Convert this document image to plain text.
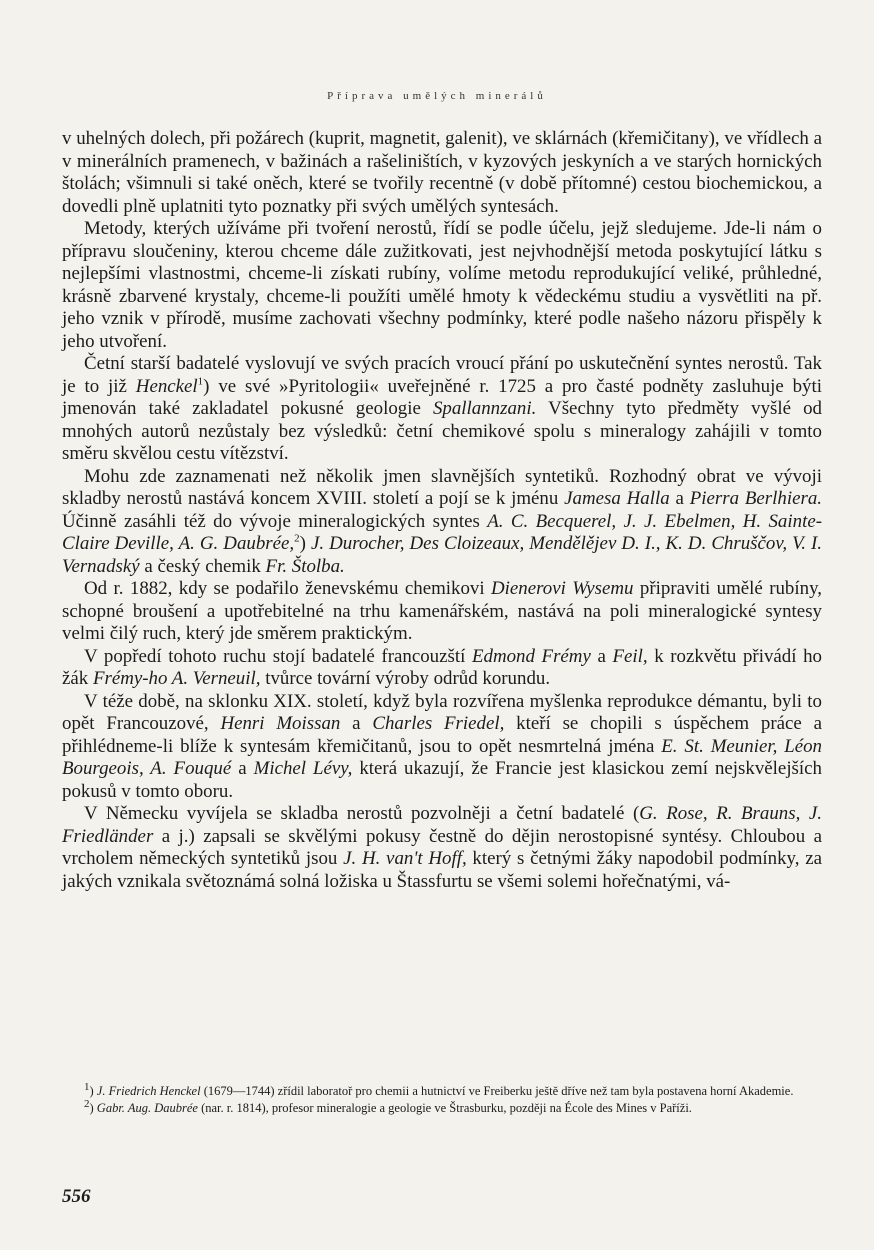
Příprava umělých minerálů

v uhelných dolech, při požárech (kuprit, magnetit, galenit), ve sklárnách (křemičitany), ve vřídlech a v minerálních pramenech, v bažinách a rašeliništích, v kyzových jeskyních a ve starých hornických štolách; všimnuli si také oněch, které se tvořily recentně (v době přítomné) cestou biochemickou, a dovedli plně uplatniti tyto poznatky při svých umělých syntesách.

Metody, kterých užíváme při tvoření nerostů, řídí se podle účelu, jejž sledujeme. Jde-li nám o přípravu sloučeniny, kterou chceme dále zužitkovati, jest nejvhodnější metoda poskytující látku s nejlepšími vlastnostmi, chceme-li získati rubíny, volíme metodu reprodukující veliké, průhledné, krásně zbarvené krystaly, chceme-li použíti umělé hmoty k vědeckému studiu a vysvětliti na př. jeho vznik v přírodě, musíme zachovati všechny podmínky, které podle našeho názoru přispěly k jeho utvoření.

Četní starší badatelé vyslovují ve svých pracích vroucí přání po uskutečnění syntes nerostů. Tak je to již Henckel$^1$) ve své »Pyritologii« uveřejněné r. 1725 a pro časté podněty zasluhuje býti jmenován také zakladatel pokusné geologie Spallannzani. Všechny tyto předměty vyšlé od mnohých autorů nezůstaly bez výsledků: četní chemikové spolu s mineralogy zahájili v tomto směru skvělou cestu vítězství.

Mohu zde zaznamenati než několik jmen slavnějších syntetiků. Rozhodný obrat ve vývoji skladby nerostů nastává koncem XVIII. století a pojí se k jménu Jamesa Halla a Pierra Berlhiera. Účinně zasáhli též do vývoje mineralogických syntes A. C. Becquerel, J. J. Ebelmen, H. Sainte-Claire Deville, A. G. Daubrée,$^2$) J. Durocher, Des Cloizeaux, Mendělějev D. I., K. D. Chruščov, V. I. Vernadský a český chemik Fr. Štolba.

Od r. 1882, kdy se podařilo ženevskému chemikovi Dienerovi Wysemu připraviti umělé rubíny, schopné broušení a upotřebitelné na trhu kamenářském, nastává na poli mineralogické syntesy velmi čilý ruch, který jde směrem praktickým.

V popředí tohoto ruchu stojí badatelé francouzští Edmond Frémy a Feil, k rozkvětu přivádí ho žák Frémy-ho A. Verneuil, tvůrce tovární výroby odrůd korundu.

V téže době, na sklonku XIX. století, když byla rozvířena myšlenka reprodukce démantu, byli to opět Francouzové, Henri Moissan a Charles Friedel, kteří se chopili s úspěchem práce a přihlédneme-li blíže k syntesám křemičitanů, jsou to opět nesmrtelná jména E. St. Meunier, Léon Bourgeois, A. Fouqué a Michel Lévy, která ukazují, že Francie jest klasickou zemí nejskvělejších pokusů v tomto oboru.

V Německu vyvíjela se skladba nerostů pozvolněji a četní badatelé (G. Rose, R. Brauns, J. Friedländer a j.) zapsali se skvělými pokusy čestně do dějin nerostopisné syntésy. Chloubou a vrcholem německých syntetiků jsou J. H. van't Hoff, který s četnými žáky napodobil podmínky, za jakých vznikala světoznámá solná ložiska u Štassfurtu se všemi solemi hořečnatými, vá-

$^1$) J. Friedrich Henckel (1679—1744) zřídil laboratoř pro chemii a hutnictví ve Freiberku ještě dříve než tam byla postavena horní Akademie.

$^2$) Gabr. Aug. Daubrée (nar. r. 1814), profesor mineralogie a geologie ve Štrasburku, později na École des Mines v Paříži.

556
